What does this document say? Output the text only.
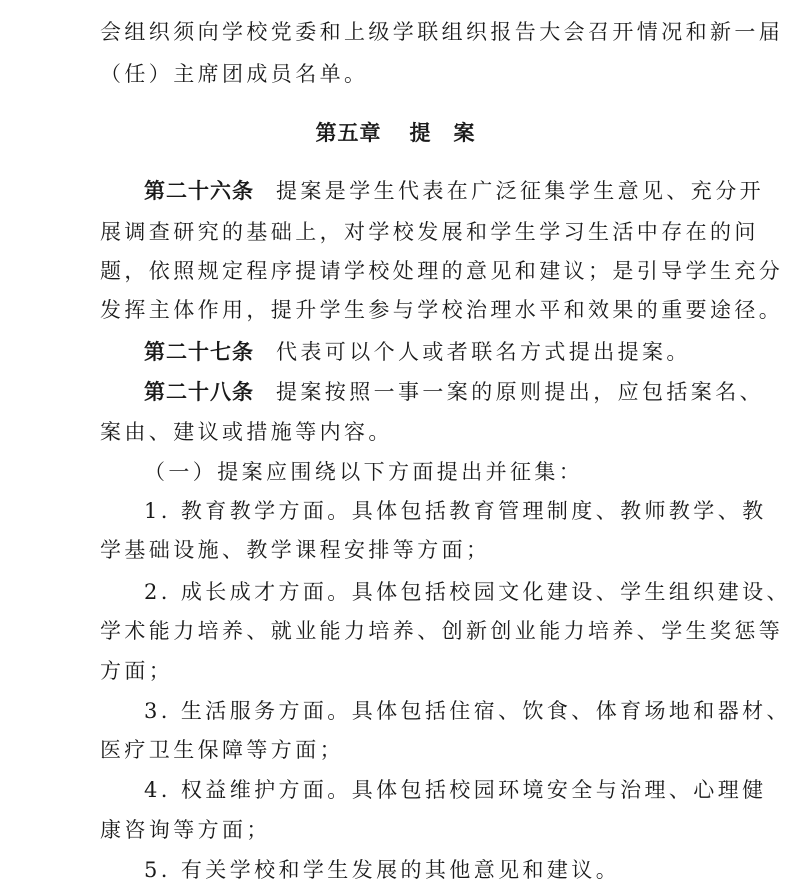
会组织须向学校党委和上级学联组织报告大会召开情况和新一届
（任）主席团成员名单。
第五章 提　案
第二十六条 提案是学生代表在广泛征集学生意见、充分开
展调查研究的基础上，对学校发展和学生学习生活中存在的问
题，依照规定程序提请学校处理的意见和建议；是引导学生充分
发挥主体作用，提升学生参与学校治理水平和效果的重要途径。
第二十七条 代表可以个人或者联名方式提出提案。
第二十八条 提案按照一事一案的原则提出，应包括案名、
案由、建议或措施等内容。
（一）提案应围绕以下方面提出并征集：
1. 教育教学方面。具体包括教育管理制度、教师教学、教
学基础设施、教学课程安排等方面；
2. 成长成才方面。具体包括校园文化建设、学生组织建设、
学术能力培养、就业能力培养、创新创业能力培养、学生奖惩等
方面；
3. 生活服务方面。具体包括住宿、饮食、体育场地和器材、
医疗卫生保障等方面；
4. 权益维护方面。具体包括校园环境安全与治理、心理健
康咨询等方面；
5. 有关学校和学生发展的其他意见和建议。
